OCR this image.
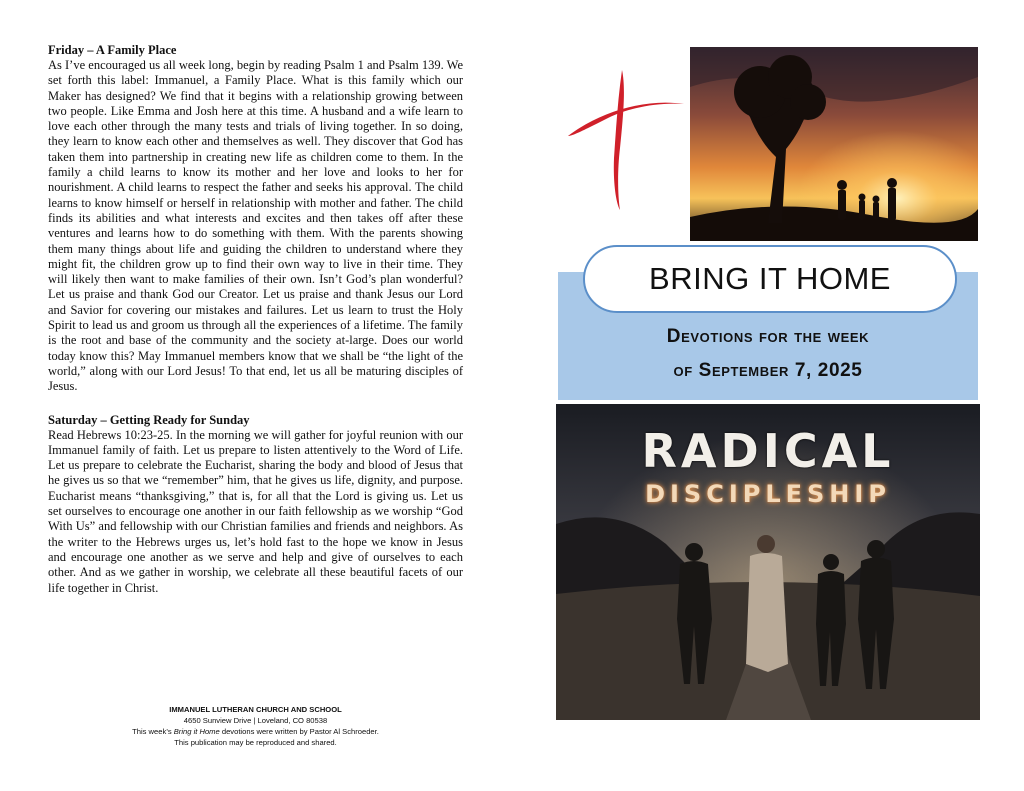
Friday – A Family Place

As I’ve encouraged us all week long, begin by reading Psalm 1 and Psalm 139. We set forth this label: Immanuel, a Family Place. What is this family which our Maker has designed? We find that it begins with a relationship growing between two people. Like Emma and Josh here at this time. A husband and a wife learn to love each other through the many tests and trials of living together. In so doing, they learn to know each other and themselves as well. They discover that God has taken them into partnership in creating new life as children come to them. In the family a child learns to know its mother and her love and looks to her for nourishment. A child learns to respect the father and seeks his approval. The child learns to know himself or herself in relationship with mother and father. The child finds its abilities and what interests and excites and then takes off after these ventures and learns how to do something with them. With the parents showing them many things about life and guiding the children to understand where they might fit, the children grow up to find their own way to live in their time. They will likely then want to make families of their own. Isn’t God’s plan wonderful? Let us praise and thank God our Creator. Let us praise and thank Jesus our Lord and Savior for covering our mistakes and failures. Let us learn to trust the Holy Spirit to lead us and groom us through all the experiences of a lifetime. The family is the root and base of the community and the society at-large. Does our world today know this? May Immanuel members know that we shall be “the light of the world,” along with our Lord Jesus! To that end, let us all be maturing disciples of Jesus.

Saturday – Getting Ready for Sunday

Read Hebrews 10:23-25. In the morning we will gather for joyful reunion with our Immanuel family of faith. Let us prepare to listen attentively to the Word of Life. Let us prepare to celebrate the Eucharist, sharing the body and blood of Jesus that he gives us so that we “remember” him, that he gives us life, dignity, and purpose. Eucharist means “thanksgiving,” that is, for all that the Lord is giving us. Let us set ourselves to encourage one another in our faith fellowship as we worship “God With Us” and fellowship with our Christian families and friends and neighbors. As the writer to the Hebrews urges us, let’s hold fast to the hope we know in Jesus and encourage one another as we serve and help and give of ourselves to each other. And as we gather in worship, we celebrate all these beautiful facets of our life together in Christ.

IMMANUEL LUTHERAN CHURCH AND SCHOOL
4650 Sunview Drive | Loveland, CO 80538
This week’s Bring it Home devotions were written by Pastor Al Schroeder.
This publication may be reproduced and shared.
BRING IT HOME
Devotions for the week
of September 7, 2025
RADICAL
DISCIPLESHIP
